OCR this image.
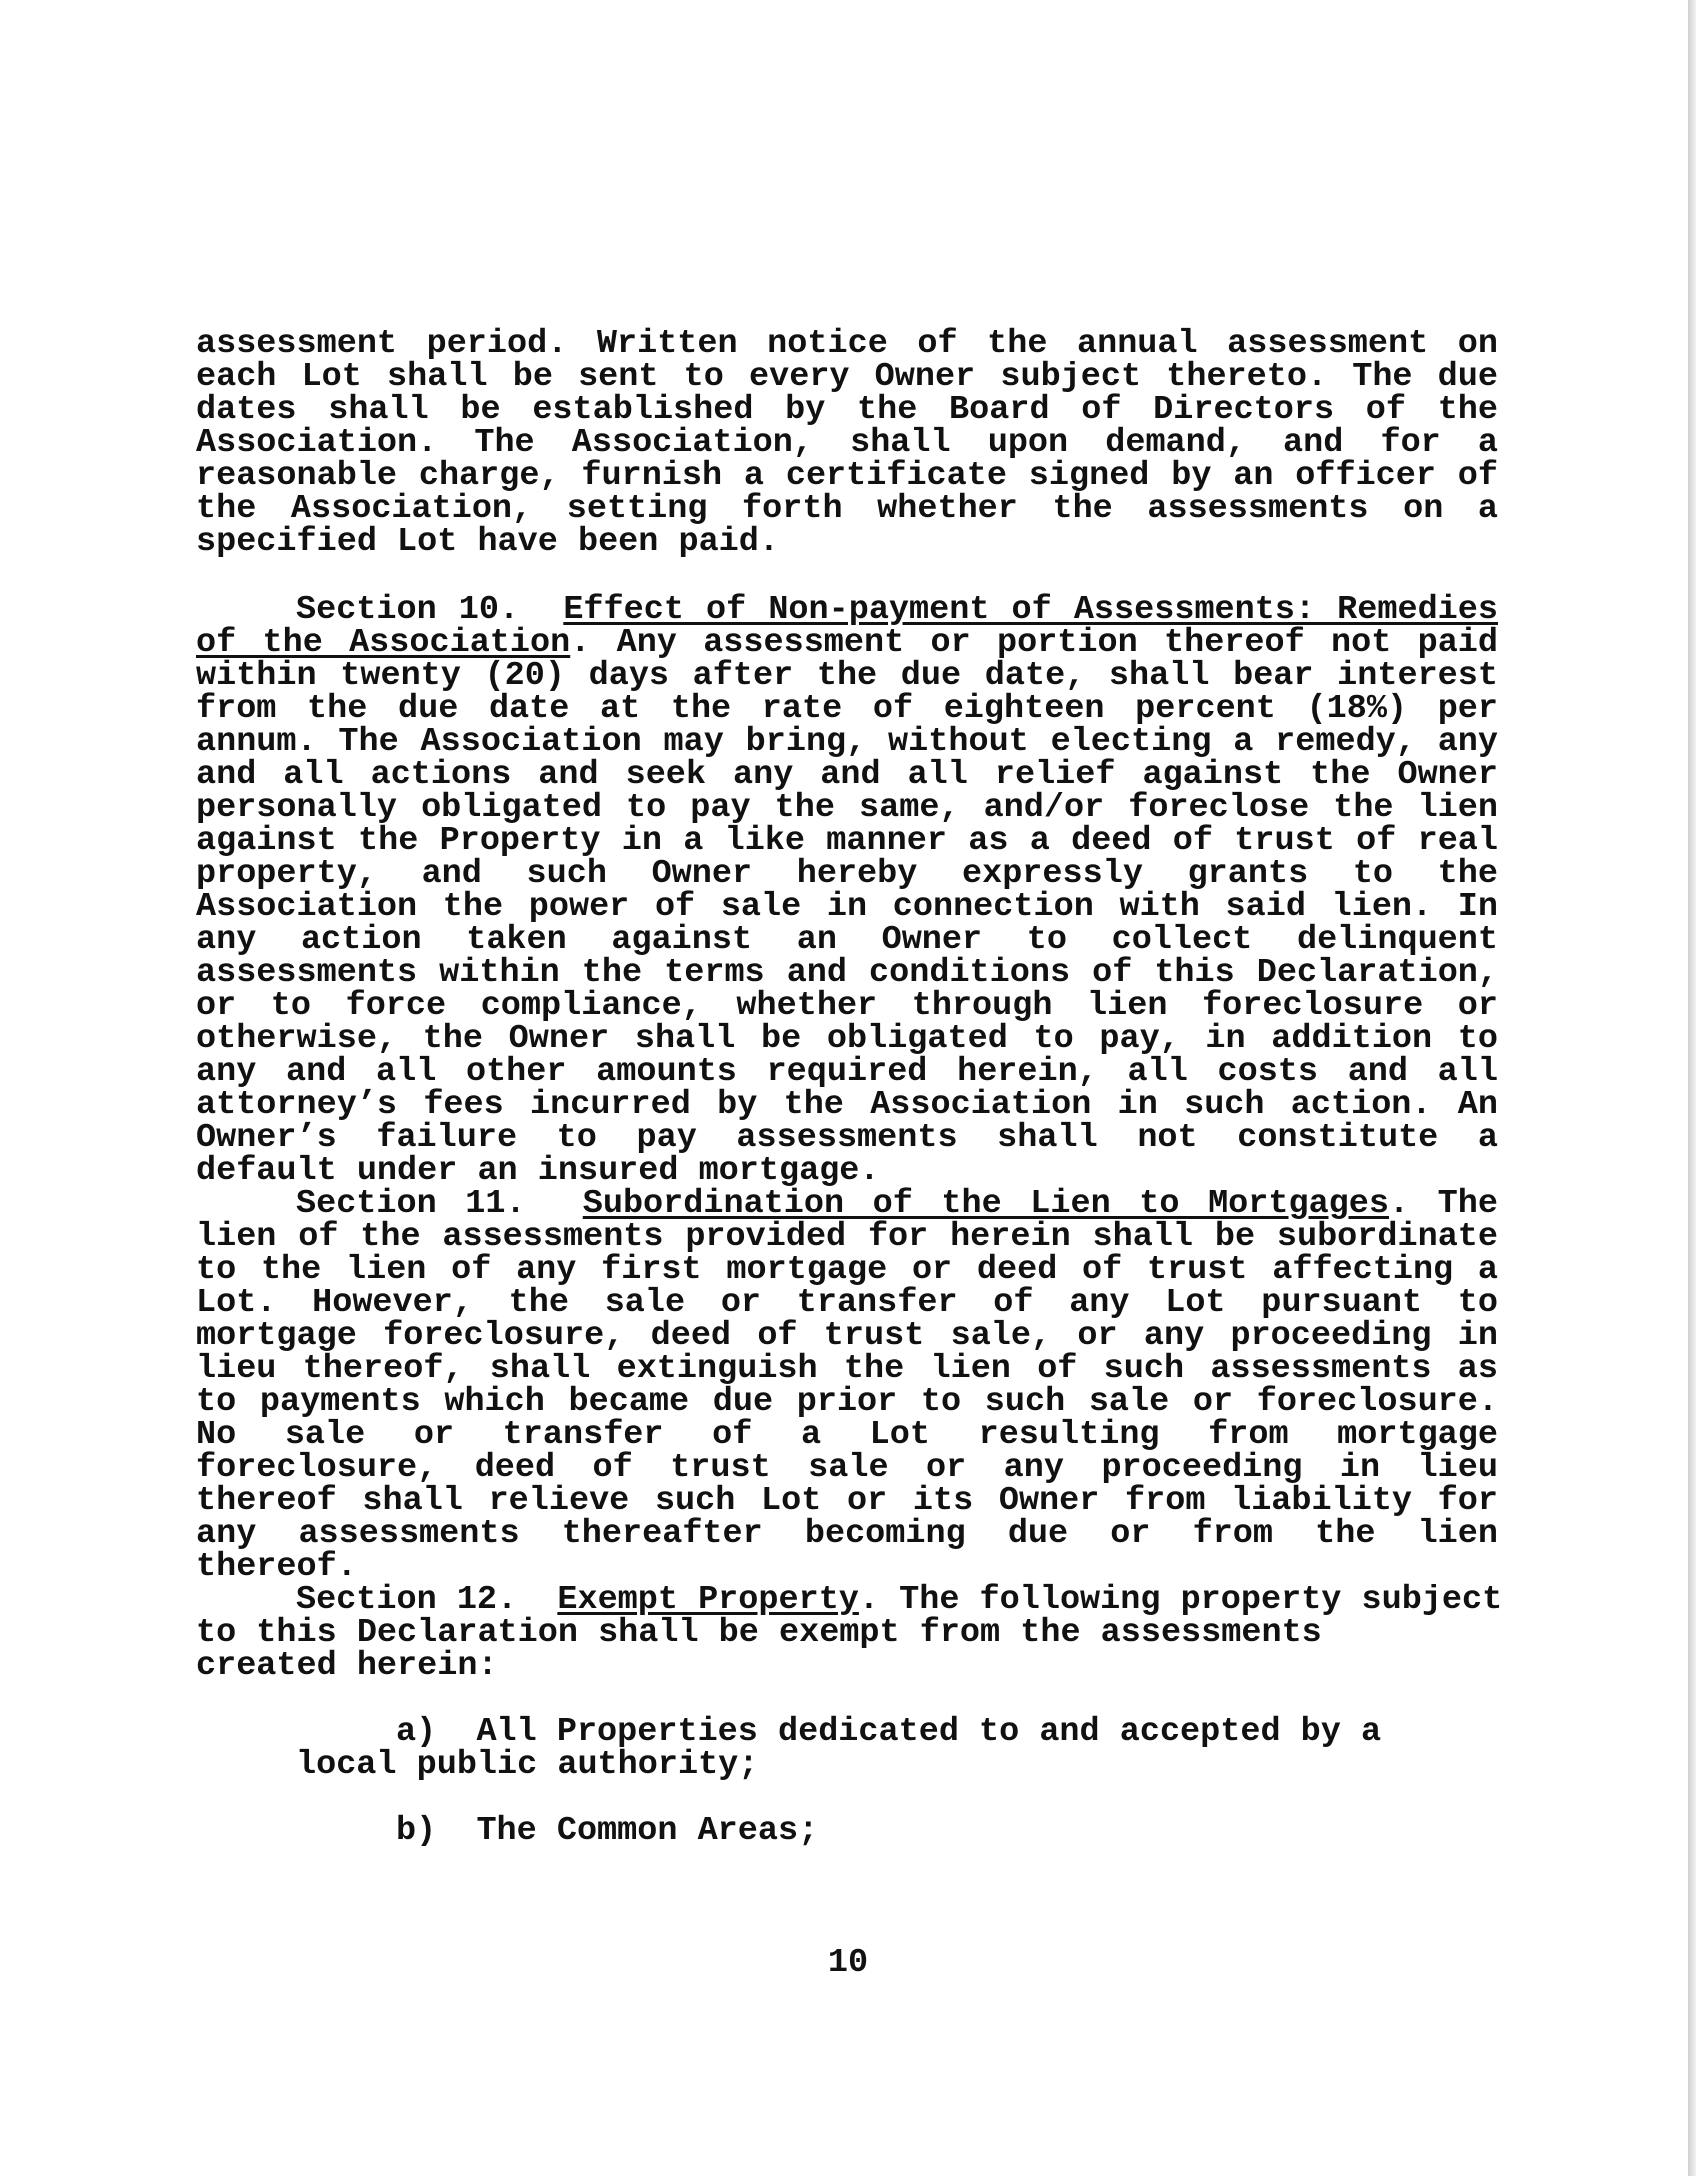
assessment period. Written notice of the annual assessment on each Lot shall be sent to every Owner subject thereto. The due dates shall be established by the Board of Directors of the Association. The Association, shall upon demand, and for a reasonable charge, furnish a certificate signed by an officer of the Association, setting forth whether the assessments on a specified Lot have been paid.
Section 10. Effect of Non-payment of Assessments: Remedies of the Association. Any assessment or portion thereof not paid within twenty (20) days after the due date, shall bear interest from the due date at the rate of eighteen percent (18%) per annum. The Association may bring, without electing a remedy, any and all actions and seek any and all relief against the Owner personally obligated to pay the same, and/or foreclose the lien against the Property in a like manner as a deed of trust of real property, and such Owner hereby expressly grants to the Association the power of sale in connection with said lien. In any action taken against an Owner to collect delinquent assessments within the terms and conditions of this Declaration, or to force compliance, whether through lien foreclosure or otherwise, the Owner shall be obligated to pay, in addition to any and all other amounts required herein, all costs and all attorney’s fees incurred by the Association in such action. An Owner’s failure to pay assessments shall not constitute a default under an insured mortgage.
Section 11. Subordination of the Lien to Mortgages. The lien of the assessments provided for herein shall be subordinate to the lien of any first mortgage or deed of trust affecting a Lot. However, the sale or transfer of any Lot pursuant to mortgage foreclosure, deed of trust sale, or any proceeding in lieu thereof, shall extinguish the lien of such assessments as to payments which became due prior to such sale or foreclosure. No sale or transfer of a Lot resulting from mortgage foreclosure, deed of trust sale or any proceeding in lieu thereof shall relieve such Lot or its Owner from liability for any assessments thereafter becoming due or from the lien thereof.
Section 12. Exempt Property. The following property subject
to this Declaration shall be exempt from the assessments
created herein:
a) All Properties dedicated to and accepted by a
local public authority;
b) The Common Areas;
10
